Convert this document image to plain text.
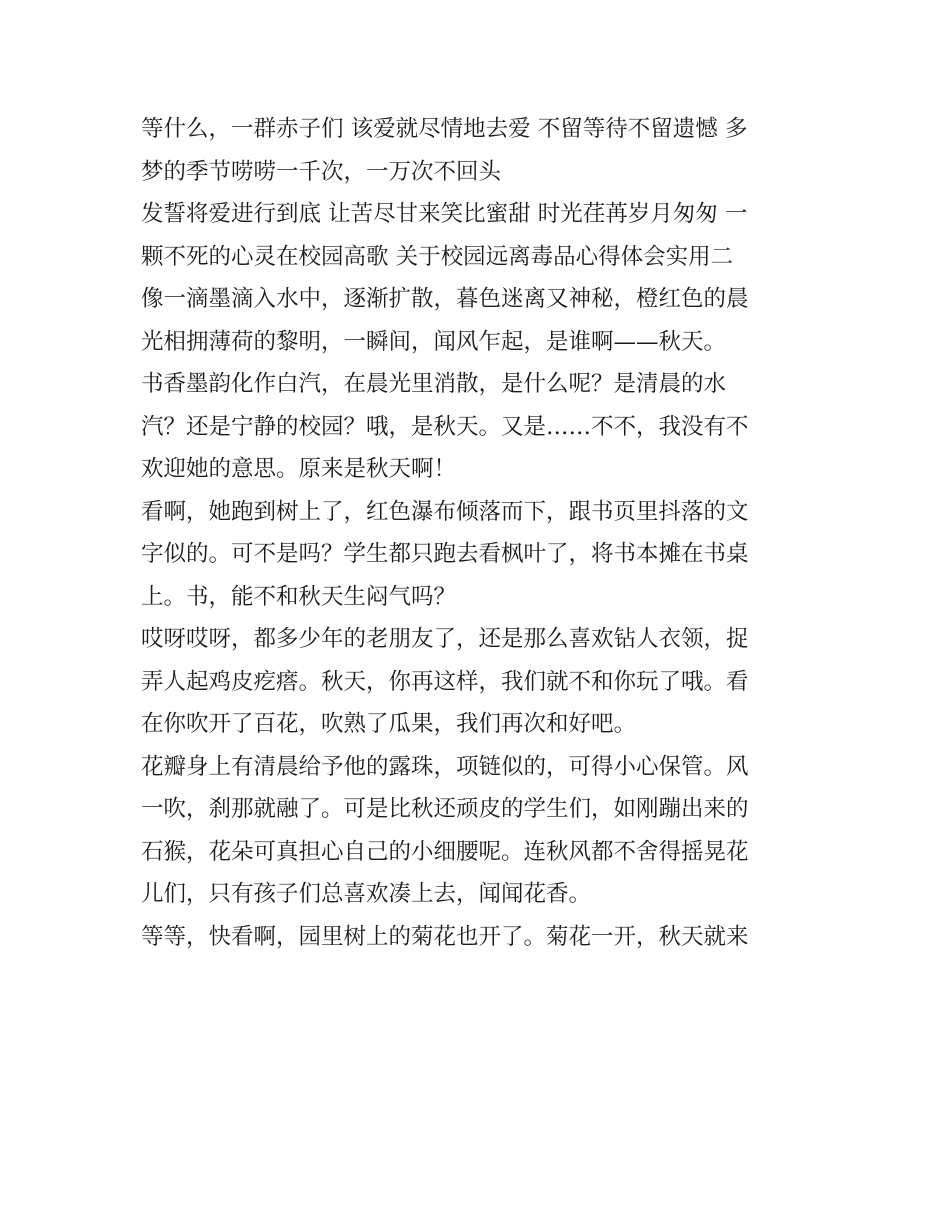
等什么，一群赤子们 该爱就尽情地去爱 不留等待不留遗憾 多
梦的季节唠唠一千次，一万次不回头
发誓将爱进行到底 让苦尽甘来笑比蜜甜 时光荏苒岁月匆匆 一
颗不死的心灵在校园高歌 关于校园远离毒品心得体会实用二
像一滴墨滴入水中，逐渐扩散，暮色迷离又神秘，橙红色的晨
光相拥薄荷的黎明，一瞬间，闻风乍起，是谁啊——秋天。
书香墨韵化作白汽，在晨光里消散，是什么呢？是清晨的水
汽？还是宁静的校园？哦，是秋天。又是……不不，我没有不
欢迎她的意思。原来是秋天啊！
看啊，她跑到树上了，红色瀑布倾落而下，跟书页里抖落的文
字似的。可不是吗？学生都只跑去看枫叶了，将书本摊在书桌
上。书，能不和秋天生闷气吗？
哎呀哎呀，都多少年的老朋友了，还是那么喜欢钻人衣领，捉
弄人起鸡皮疙瘩。秋天，你再这样，我们就不和你玩了哦。看
在你吹开了百花，吹熟了瓜果，我们再次和好吧。
花瓣身上有清晨给予他的露珠，项链似的，可得小心保管。风
一吹，刹那就融了。可是比秋还顽皮的学生们，如刚蹦出来的
石猴，花朵可真担心自己的小细腰呢。连秋风都不舍得摇晃花
儿们，只有孩子们总喜欢凑上去，闻闻花香。
等等，快看啊，园里树上的菊花也开了。菊花一开，秋天就来
